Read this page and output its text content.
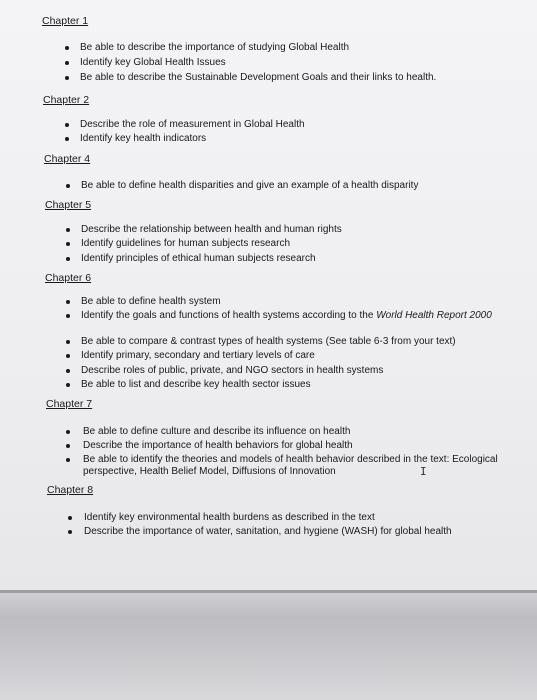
Chapter 1
Be able to describe the importance of studying Global Health
Identify key Global Health Issues
Be able to describe the Sustainable Development Goals and their links to health.
Chapter 2
Describe the role of measurement in Global Health
Identify key health indicators
Chapter 4
Be able to define health disparities and give an example of a health disparity
Chapter 5
Describe the relationship between health and human rights
Identify guidelines for human subjects research
Identify principles of ethical human subjects research
Chapter 6
Be able to define health system
Identify the goals and functions of health systems according to the World Health Report 2000
Be able to compare & contrast types of health systems (See table 6-3 from your text)
Identify primary, secondary and tertiary levels of care
Describe roles of public, private, and NGO sectors in health systems
Be able to list and describe key health sector issues
Chapter 7
Be able to define culture and describe its influence on health
Describe the importance of health behaviors for global health
Be able to identify the theories and models of health behavior described in the text: Ecological perspective, Health Belief Model, Diffusions of Innovation	I
Chapter 8
Identify key environmental health burdens as described in the text
Describe the importance of water, sanitation, and hygiene (WASH) for global health
